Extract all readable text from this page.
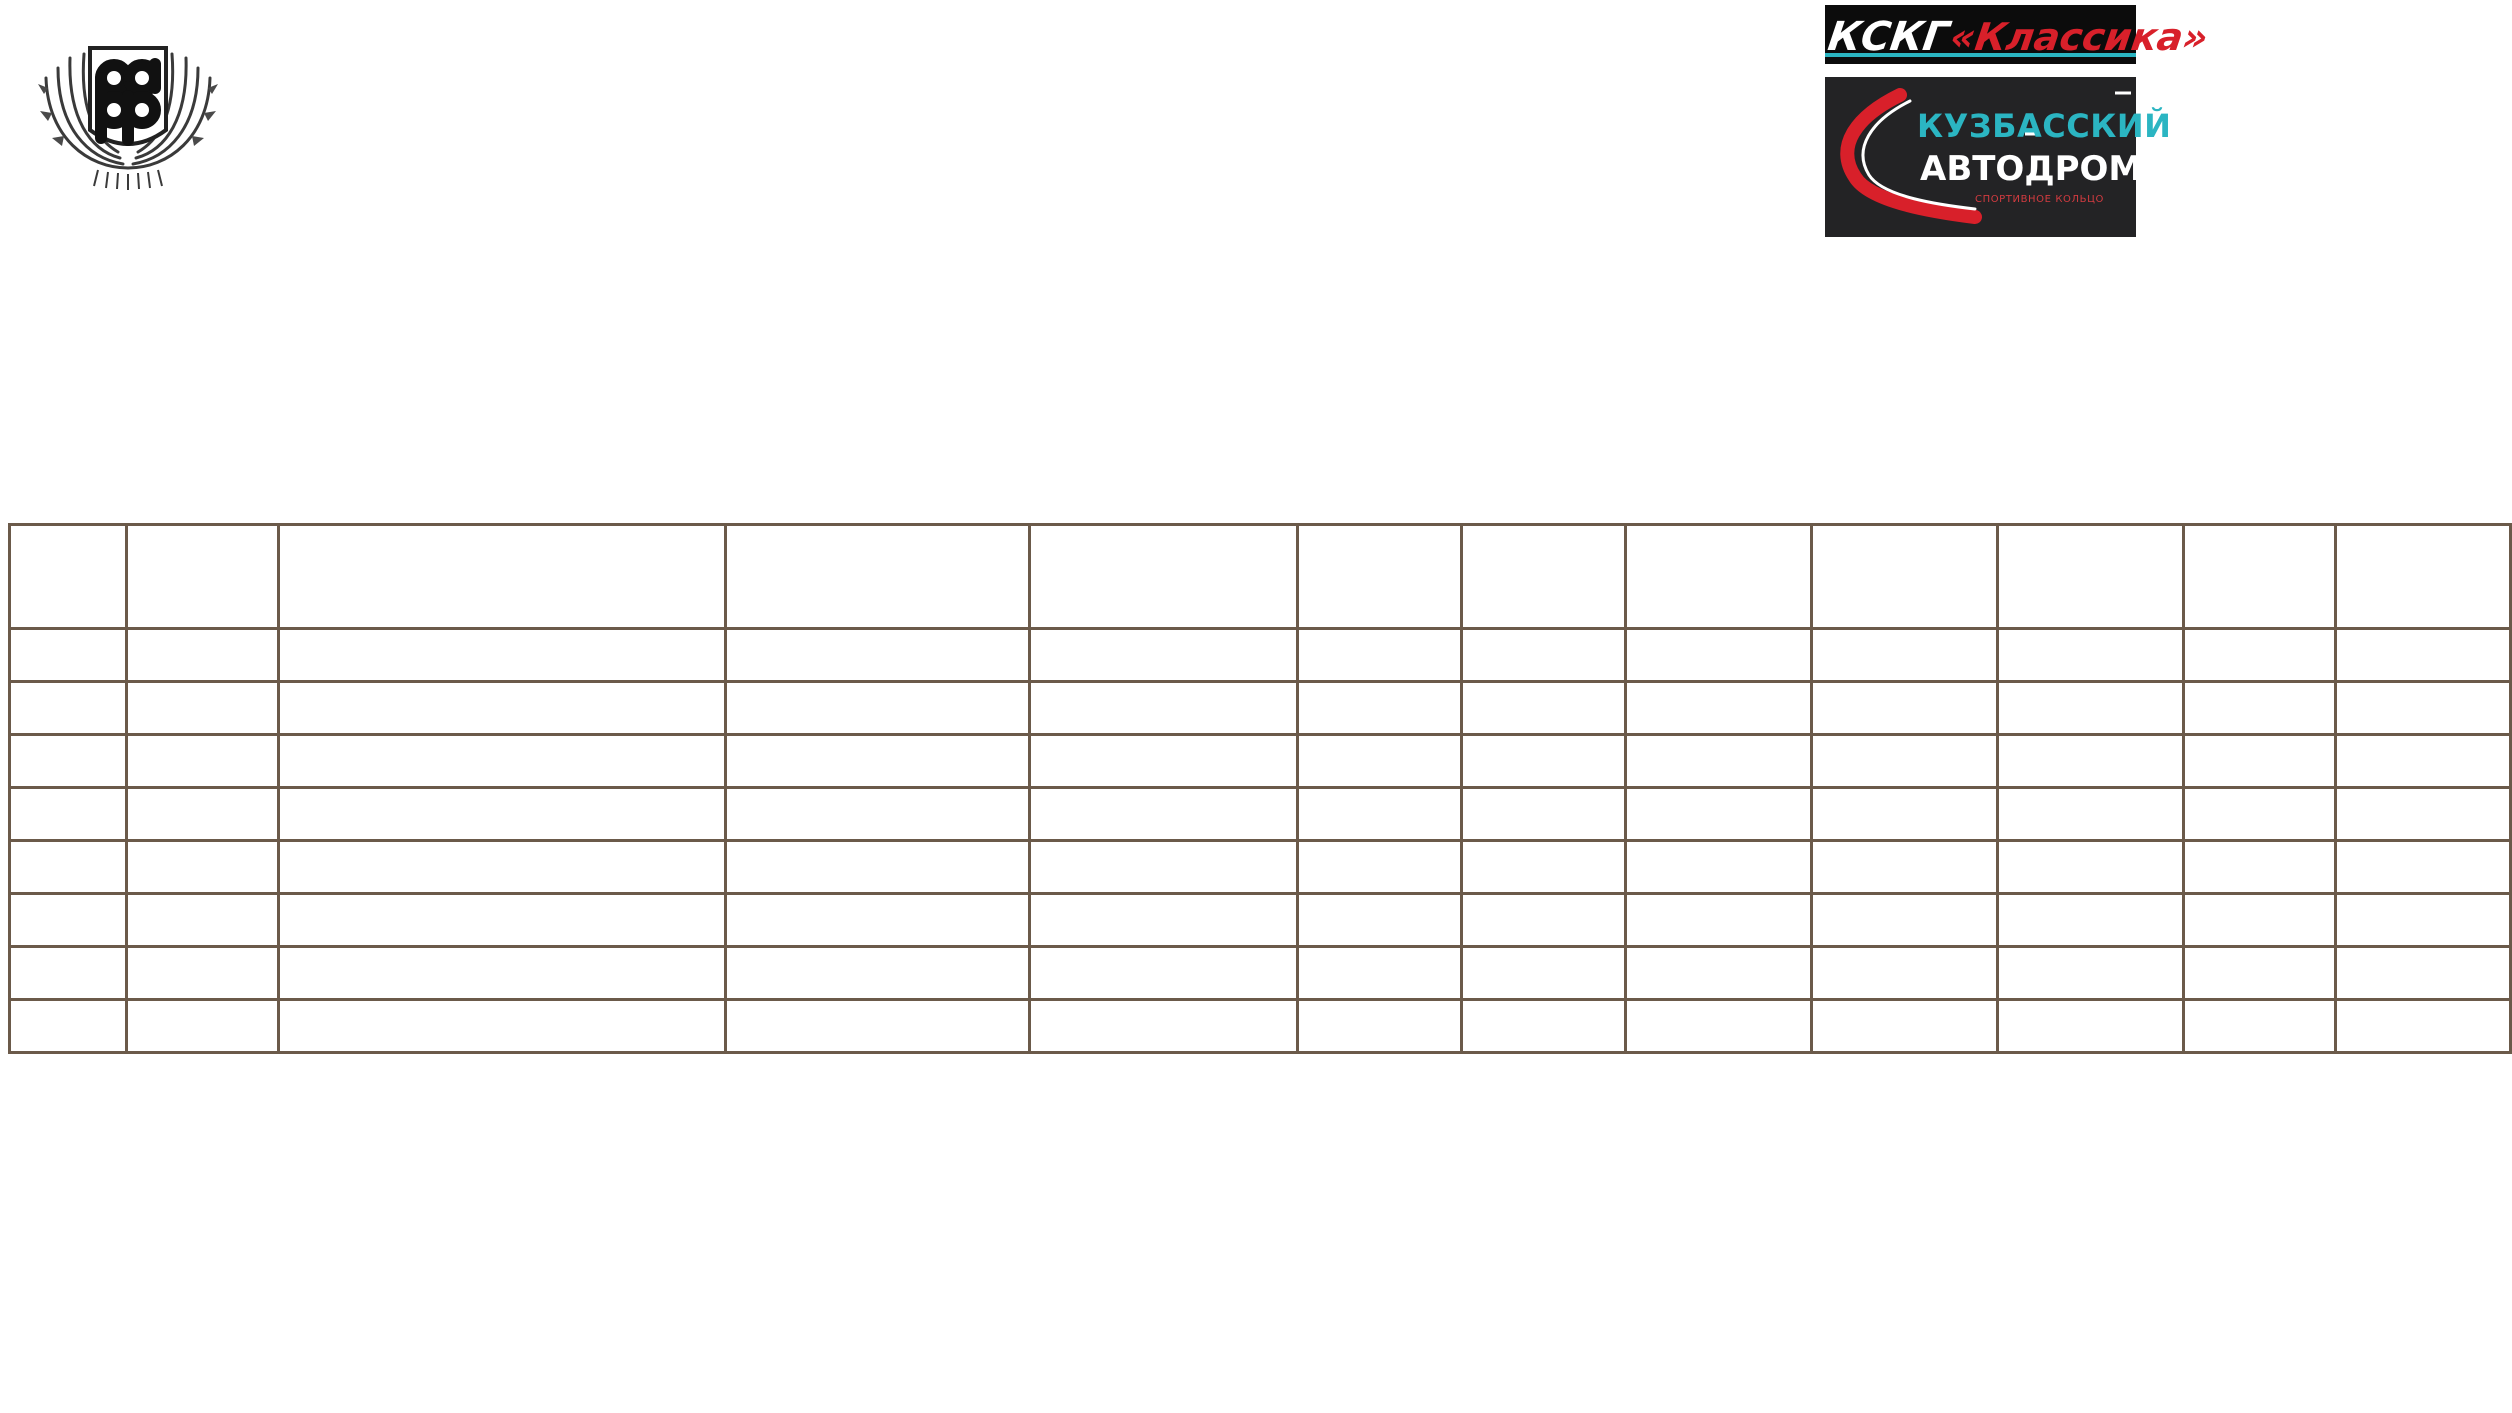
КСКГ«Классика»
КУЗБАССКИЙ
АВТОДРОМ
СПОРТИВНОЕ КОЛЬЦО
